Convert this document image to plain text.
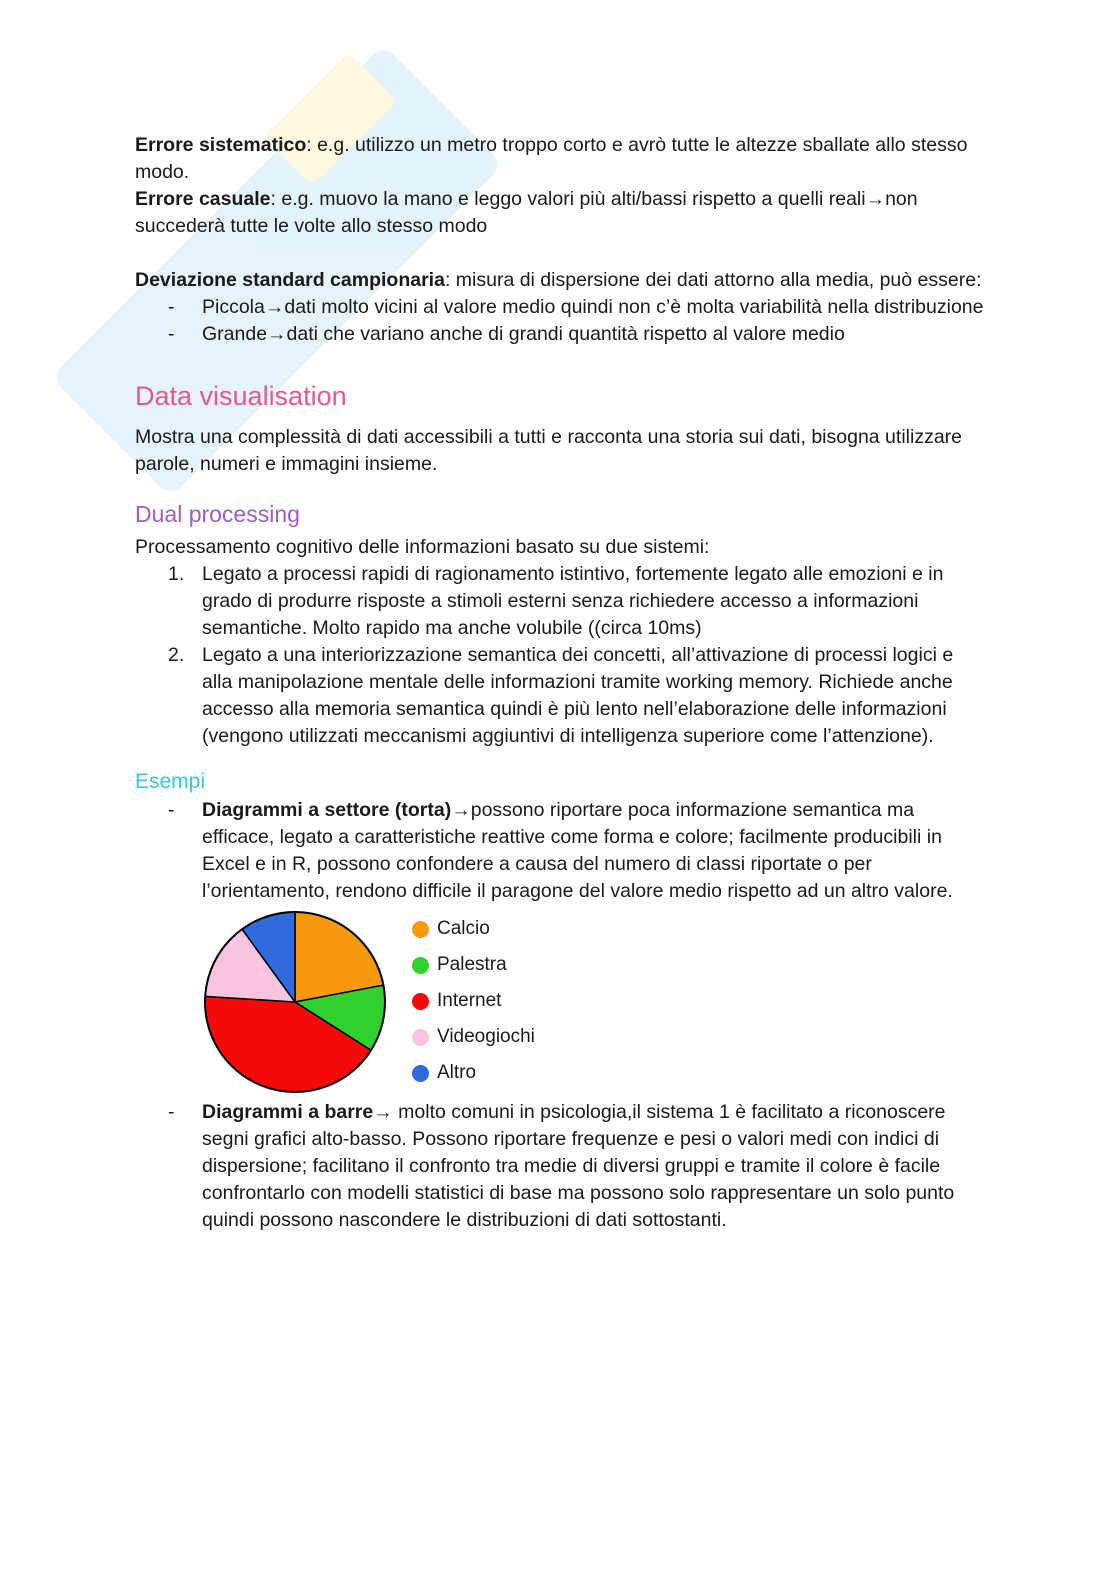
Errore sistematico: e.g. utilizzo un metro troppo corto e avrò tutte le altezze sballate allo stesso modo.

Errore casuale: e.g. muovo la mano e leggo valori più alti/bassi rispetto a quelli reali→non succederà tutte le volte allo stesso modo

Deviazione standard campionaria: misura di dispersione dei dati attorno alla media, può essere:

- Piccola→dati molto vicini al valore medio quindi non c’è molta variabilità nella distribuzione
- Grande→dati che variano anche di grandi quantità rispetto al valore medio
Data visualisation

Mostra una complessità di dati accessibili a tutti e racconta una storia sui dati, bisogna utilizzare parole, numeri e immagini insieme.

Dual processing

Processamento cognitivo delle informazioni basato su due sistemi:

1. Legato a processi rapidi di ragionamento istintivo, fortemente legato alle emozioni e in grado di produrre risposte a stimoli esterni senza richiedere accesso a informazioni semantiche. Molto rapido ma anche volubile ((circa 10ms)
2. Legato a una interiorizzazione semantica dei concetti, all’attivazione di processi logici e alla manipolazione mentale delle informazioni tramite working memory. Richiede anche accesso alla memoria semantica quindi è più lento nell’elaborazione delle informazioni (vengono utilizzati meccanismi aggiuntivi di intelligenza superiore come l’attenzione).
Esempi
- Diagrammi a settore (torta)→possono riportare poca informazione semantica ma efficace, legato a caratteristiche reattive come forma e colore; facilmente producibili in Excel e in R, possono confondere a causa del numero di classi riportate o per l’orientamento, rendono difficile il paragone del valore medio rispetto ad un altro valore.
Calcio
Palestra
Internet
Videogiochi
Altro
- Diagrammi a barre→ molto comuni in psicologia,il sistema 1 è facilitato a riconoscere segni grafici alto-basso. Possono riportare frequenze e pesi o valori medi con indici di dispersione; facilitano il confronto tra medie di diversi gruppi e tramite il colore è facile confrontarlo con modelli statistici di base ma possono solo rappresentare un solo punto quindi possono nascondere le distribuzioni di dati sottostanti.
